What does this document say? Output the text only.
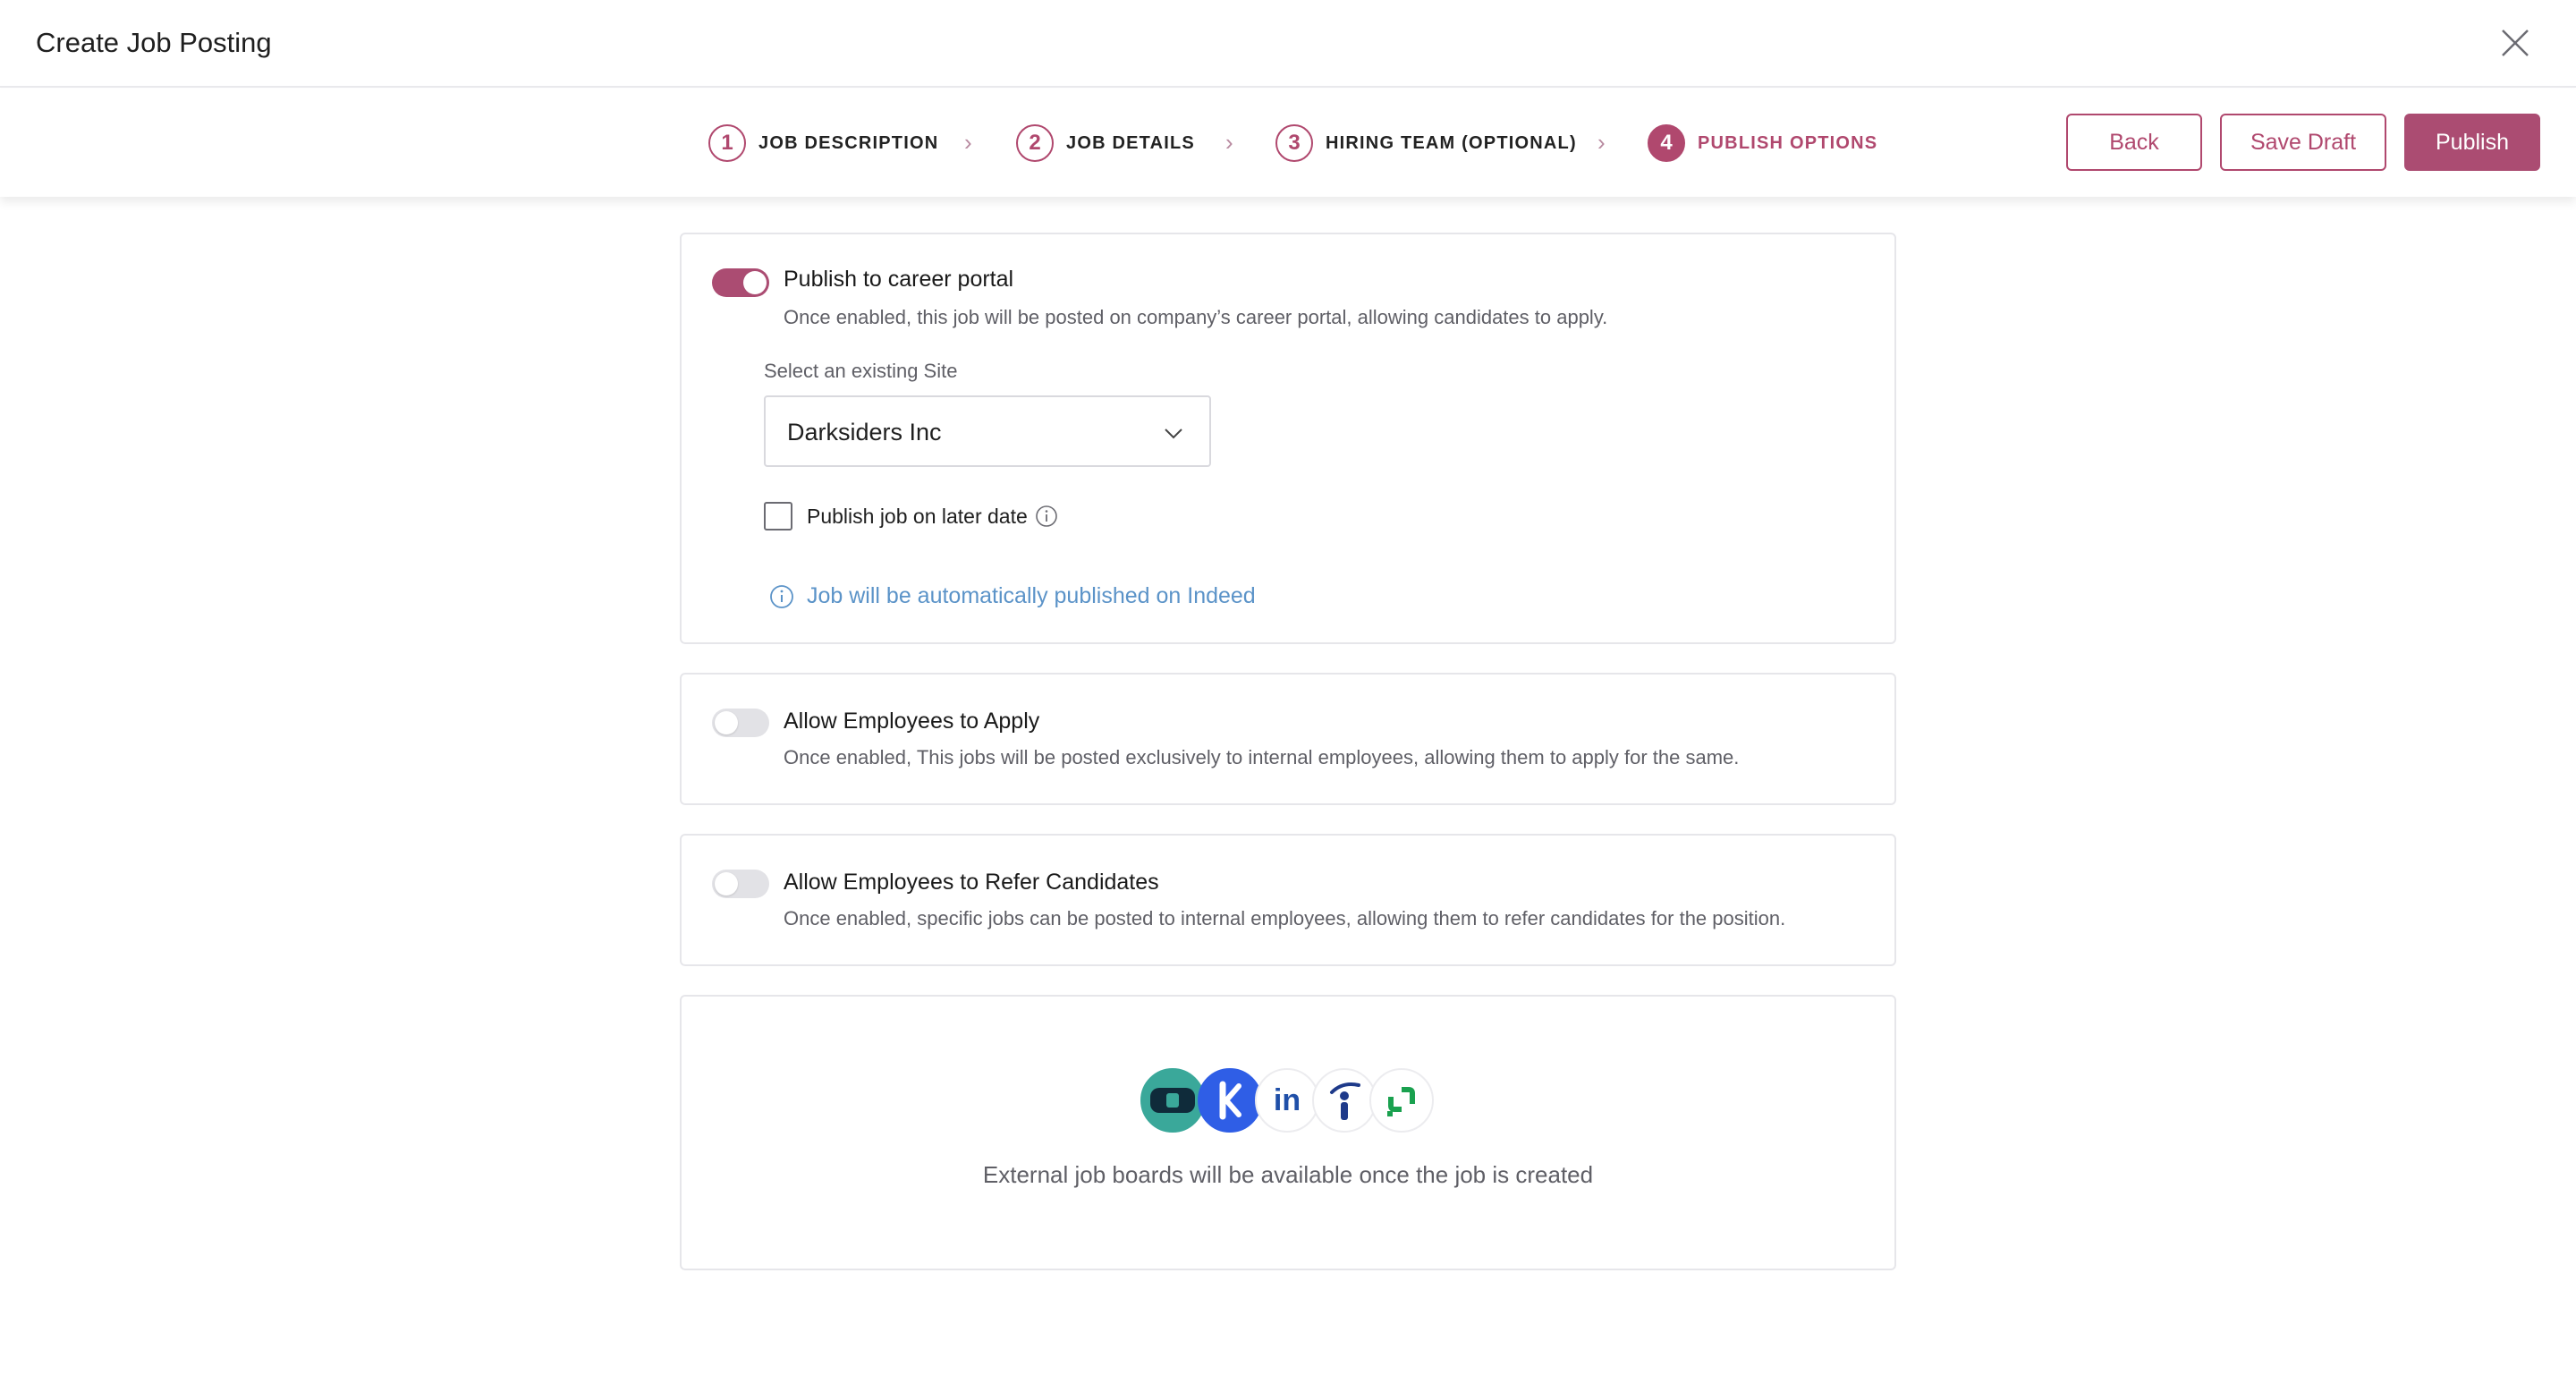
Create Job Posting
1	JOB DESCRIPTION ›	2	JOB DETAILS ›	3	HIRING TEAM (OPTIONAL) ›	4	PUBLISH OPTIONS	Back	Save Draft	Publish
Publish to career portal
Once enabled, this job will be posted on company’s career portal, allowing candidates to apply.
Select an existing Site
Darksiders Inc
Publish job on later date
Job will be automatically published on Indeed
Allow Employees to Apply
Once enabled, This jobs will be posted exclusively to internal employees, allowing them to apply for the same.
Allow Employees to Refer Candidates
Once enabled, specific jobs can be posted to internal employees, allowing them to refer candidates for the position.
in
External job boards will be available once the job is created
